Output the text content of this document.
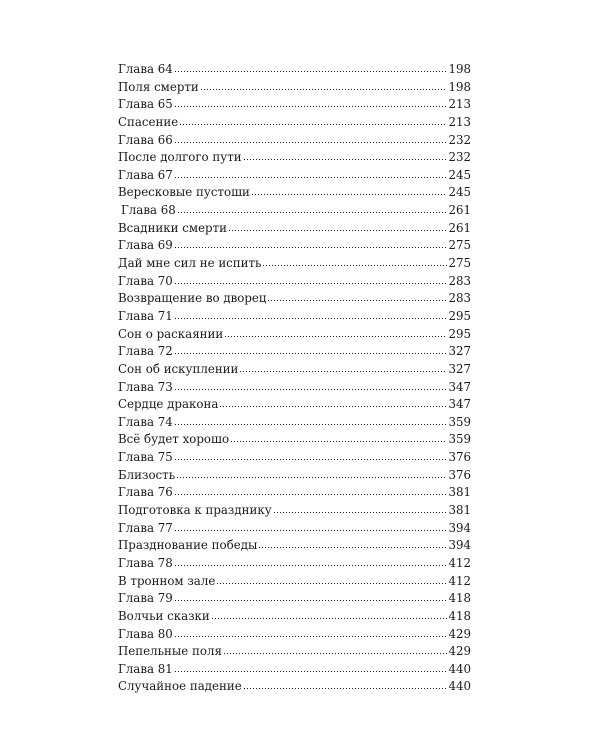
Глава 64	198
Поля смерти	198
Глава 65	213
Спасение	213
Глава 66	232
После долгого пути	232
Глава 67	245
Вересковые пустоши	245
Глава 68	261
Всадники смерти	261
Глава 69	275
Дай мне сил не испить	275
Глава 70	283
Возвращение во дворец	283
Глава 71	295
Сон о раскаянии	295
Глава 72	327
Сон об искуплении	327
Глава 73	347
Сердце дракона	347
Глава 74	359
Всё будет хорошо	359
Глава 75	376
Близость	376
Глава 76	381
Подготовка к празднику	381
Глава 77	394
Празднование победы	394
Глава 78	412
В тронном зале	412
Глава 79	418
Волчьи сказки	418
Глава 80	429
Пепельные поля	429
Глава 81	440
Случайное падение	440
